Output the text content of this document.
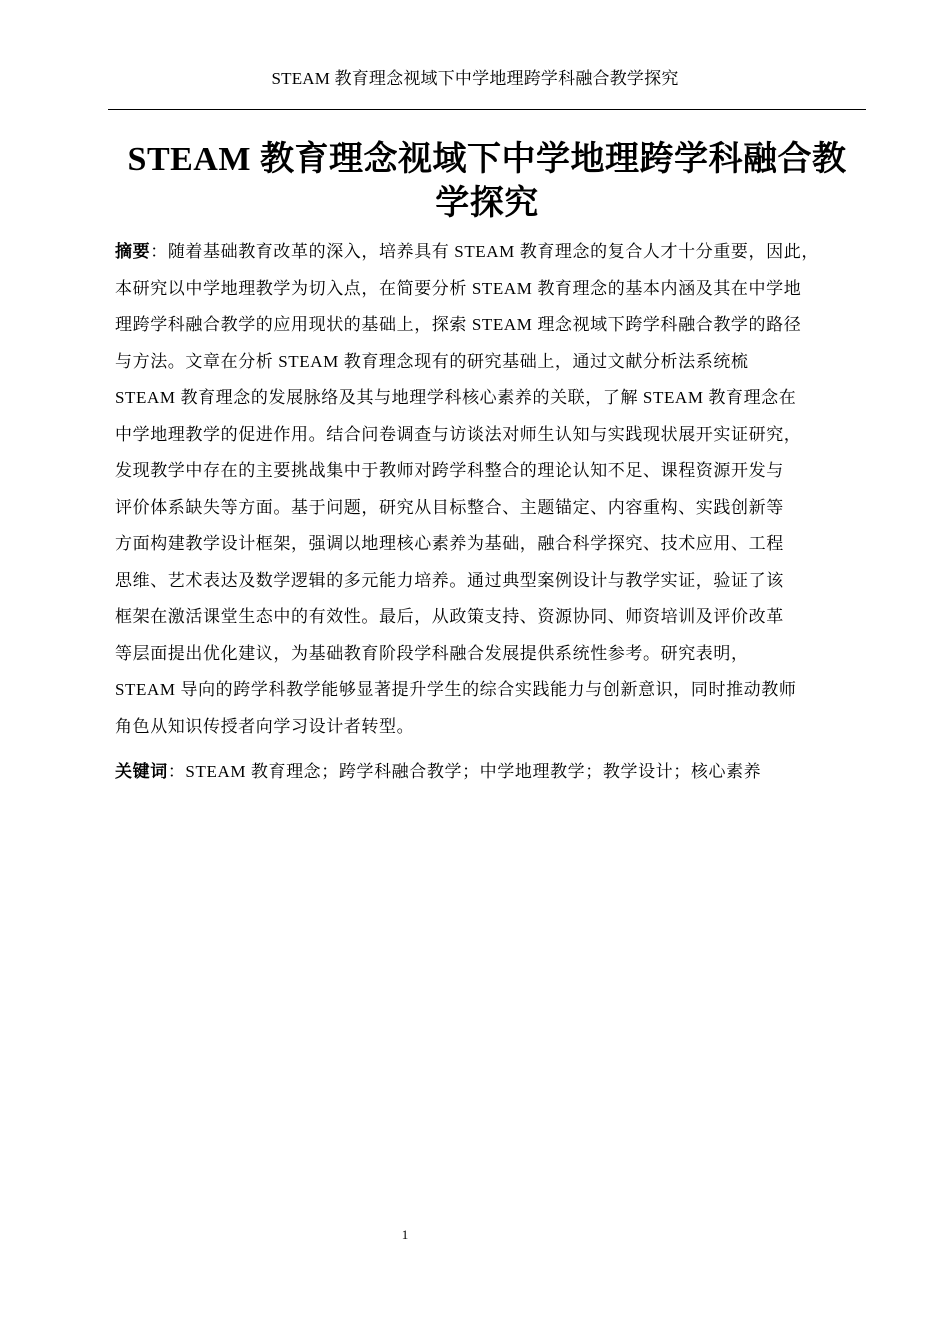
STEAM 教育理念视域下中学地理跨学科融合教学探究
STEAM 教育理念视域下中学地理跨学科融合教
学探究
摘要：随着基础教育改革的深入，培养具有 STEAM 教育理念的复合人才十分重要，因此，
本研究以中学地理教学为切入点，在简要分析 STEAM 教育理念的基本内涵及其在中学地
理跨学科融合教学的应用现状的基础上，探索 STEAM 理念视域下跨学科融合教学的路径
与方法。文章在分析 STEAM 教育理念现有的研究基础上，通过文献分析法系统梳
STEAM 教育理念的发展脉络及其与地理学科核心素养的关联，了解 STEAM 教育理念在
中学地理教学的促进作用。结合问卷调查与访谈法对师生认知与实践现状展开实证研究，
发现教学中存在的主要挑战集中于教师对跨学科整合的理论认知不足、课程资源开发与
评价体系缺失等方面。基于问题，研究从目标整合、主题锚定、内容重构、实践创新等
方面构建教学设计框架，强调以地理核心素养为基础，融合科学探究、技术应用、工程
思维、艺术表达及数学逻辑的多元能力培养。通过典型案例设计与教学实证，验证了该
框架在激活课堂生态中的有效性。最后，从政策支持、资源协同、师资培训及评价改革
等层面提出优化建议，为基础教育阶段学科融合发展提供系统性参考。研究表明，
STEAM 导向的跨学科教学能够显著提升学生的综合实践能力与创新意识，同时推动教师
角色从知识传授者向学习设计者转型。
关键词：STEAM 教育理念；跨学科融合教学；中学地理教学；教学设计；核心素养
1
